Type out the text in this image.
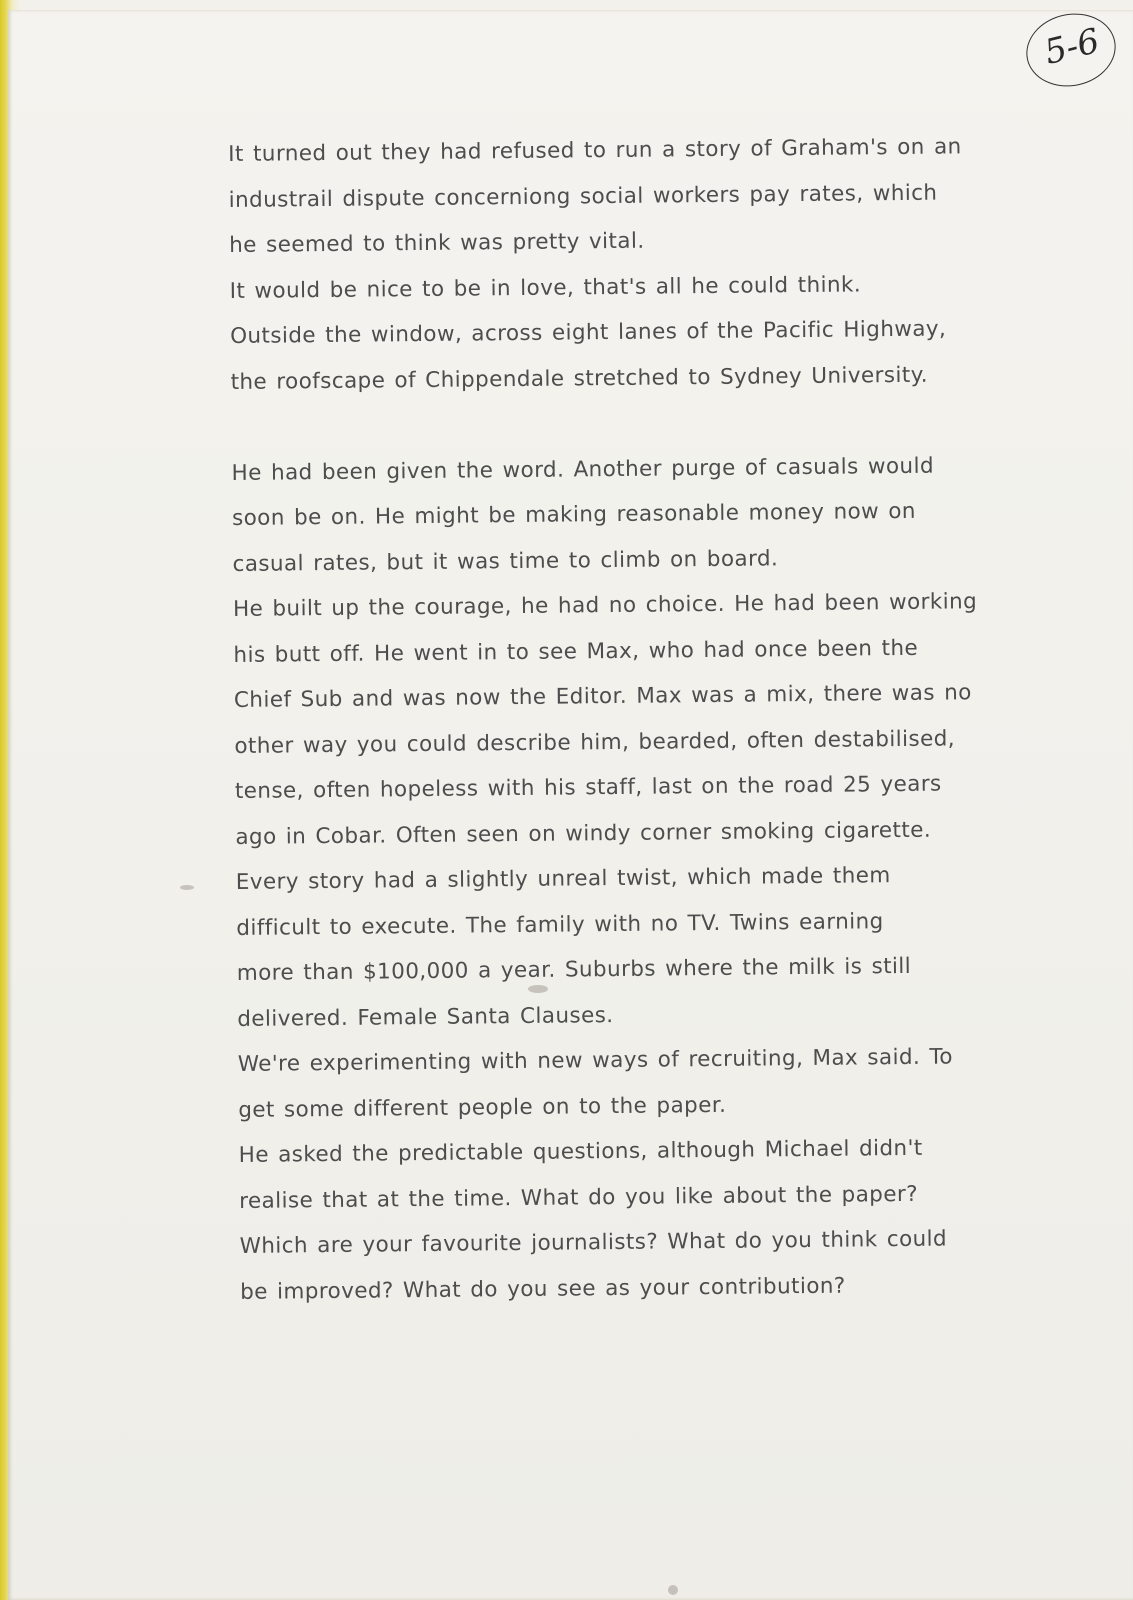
5-6
It turned out they had refused to run a story of Graham's on an
industrail dispute concerniong social workers pay rates, which
he seemed to think was pretty vital.
It would be nice to be in love, that's all he could think.
Outside the window, across eight lanes of the Pacific Highway,
the roofscape of Chippendale stretched to Sydney University.
He had been given the word. Another purge of casuals would
soon be on. He might be making reasonable money now on
casual rates, but it was time to climb on board.
He built up the courage, he had no choice. He had been working
his butt off. He went in to see Max, who had once been the
Chief Sub and was now the Editor. Max was a mix, there was no
other way you could describe him, bearded, often destabilised,
tense, often hopeless with his staff, last on the road 25 years
ago in Cobar. Often seen on windy corner smoking cigarette.
Every story had a slightly unreal twist, which made them
difficult to execute. The family with no TV. Twins earning
more than $100,000 a year. Suburbs where the milk is still
delivered. Female Santa Clauses.
We're experimenting with new ways of recruiting, Max said. To
get some different people on to the paper.
He asked the predictable questions, although Michael didn't
realise that at the time. What do you like about the paper?
Which are your favourite journalists? What do you think could
be improved? What do you see as your contribution?
